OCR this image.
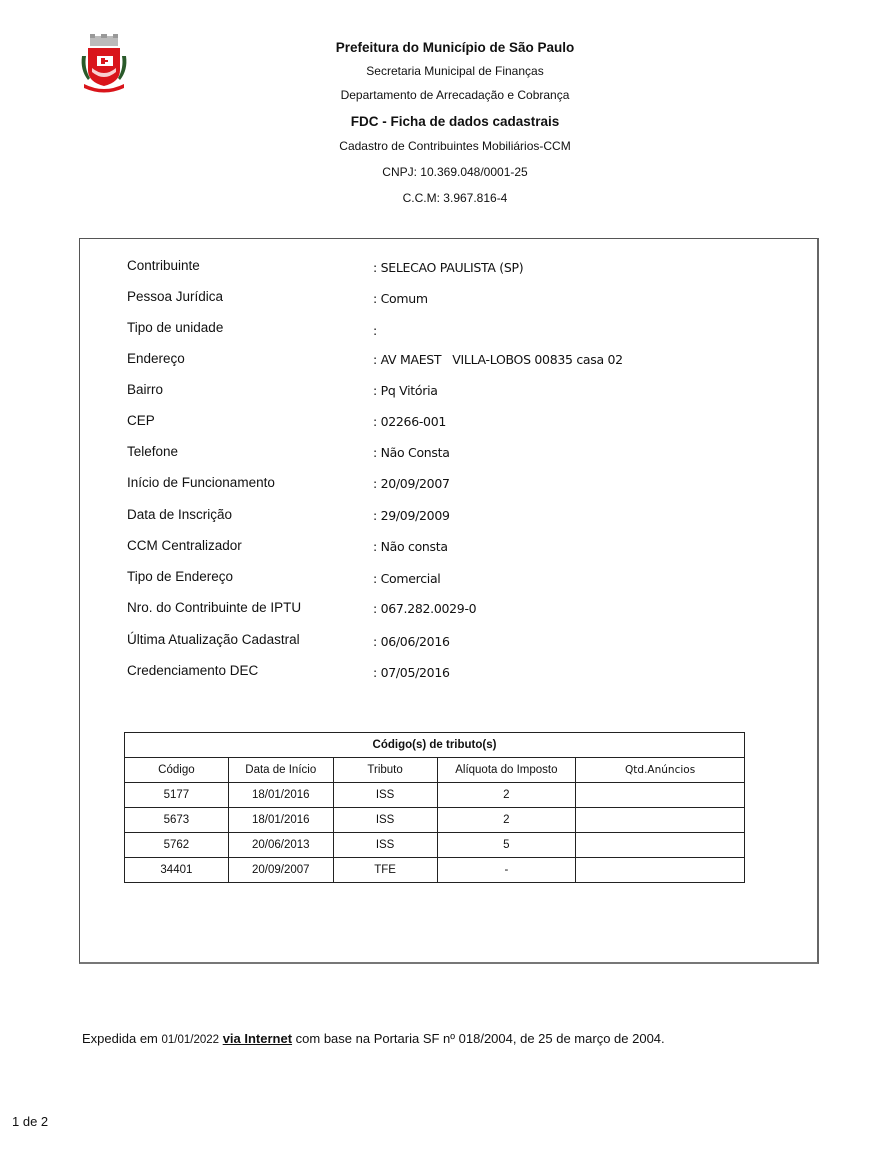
Prefeitura do Município de São Paulo
Secretaria Municipal de Finanças
Departamento de Arrecadação e Cobrança
FDC - Ficha de dados cadastrais
Cadastro de Contribuintes Mobiliários-CCM
CNPJ: 10.369.048/0001-25
C.C.M: 3.967.816-4
Contribuinte	: SELECAO PAULISTA (SP)
Pessoa Jurídica	: Comum
Tipo de unidade	:
Endereço	: AV MAEST   VILLA-LOBOS 00835 casa 02
Bairro	: Pq Vitória
CEP	: 02266-001
Telefone	: Não Consta
Início de Funcionamento	: 20/09/2007
Data de Inscrição	: 29/09/2009
CCM Centralizador	: Não consta
Tipo de Endereço	: Comercial
Nro. do Contribuinte de IPTU	: 067.282.0029-0
Última Atualização Cadastral	: 06/06/2016
Credenciamento DEC	: 07/05/2016
Código(s) de tributo(s)				
Código	Data de Início	Tributo	Alíquota do Imposto	Qtd.Anúncios
5177	18/01/2016	ISS	2	
5673	18/01/2016	ISS	2	
5762	20/06/2013	ISS	5	
34401	20/09/2007	TFE	-	
Expedida em 01/01/2022 via Internet com base na Portaria SF nº 018/2004, de 25 de março de 2004.
1 de 2
